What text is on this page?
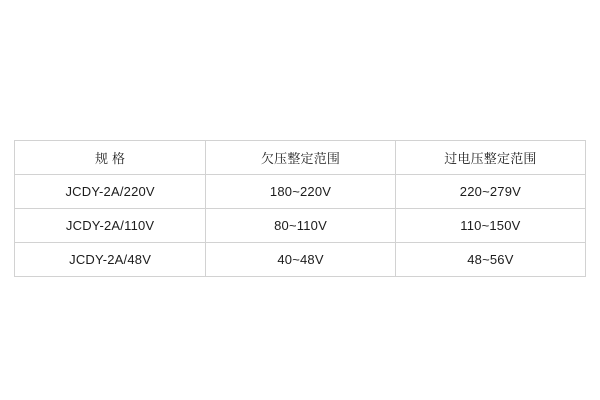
规 格	欠压整定范围	过电压整定范围
JCDY-2A/220V	180~220V	220~279V
JCDY-2A/110V	80~110V	110~150V
JCDY-2A/48V	40~48V	48~56V
